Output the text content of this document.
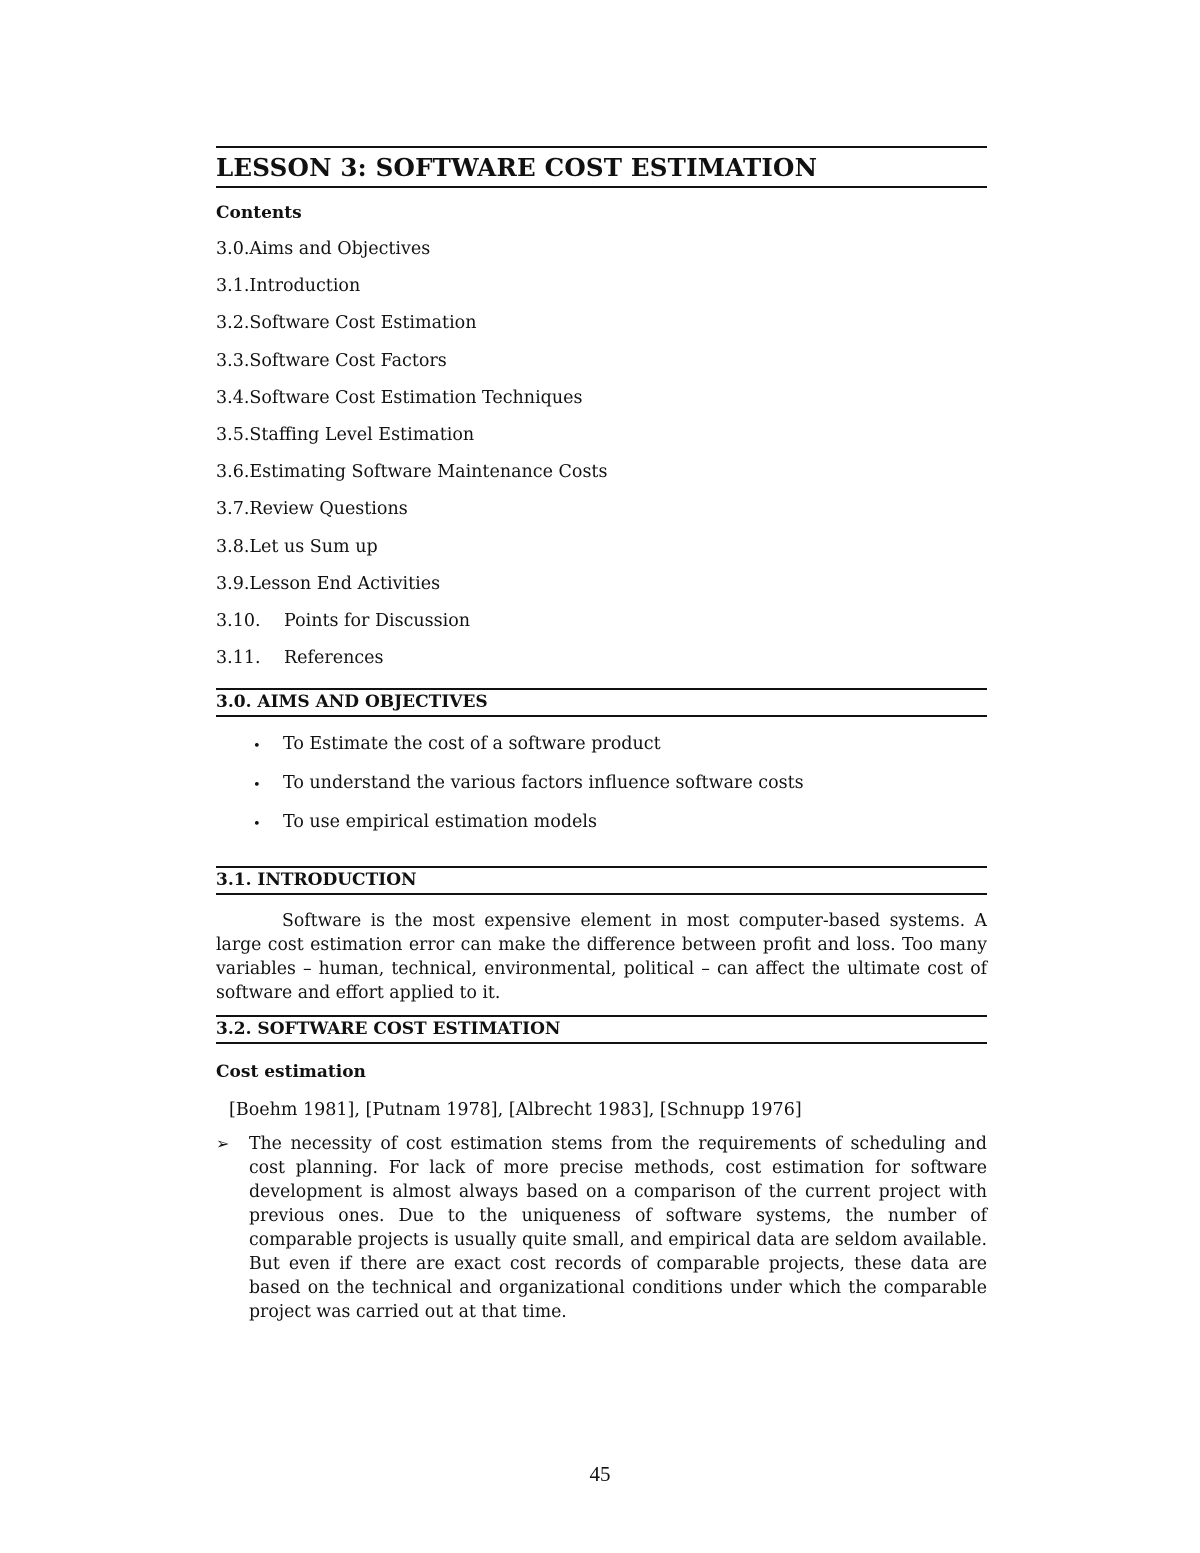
LESSON 3: SOFTWARE COST ESTIMATION
Contents
3.0.Aims and Objectives
3.1.Introduction
3.2.Software Cost Estimation
3.3.Software Cost Factors
3.4.Software Cost Estimation Techniques
3.5.Staffing Level Estimation
3.6.Estimating Software Maintenance Costs
3.7.Review Questions
3.8.Let us Sum up
3.9.Lesson End Activities
3.10. Points for Discussion
3.11. References
3.0. AIMS AND OBJECTIVES
• To Estimate the cost of a software product
• To understand the various factors influence software costs
• To use empirical estimation models
3.1. INTRODUCTION
Software is the most expensive element in most computer-based systems. A large cost estimation error can make the difference between profit and loss. Too many variables – human, technical, environmental, political – can affect the ultimate cost of software and effort applied to it.
3.2. SOFTWARE COST ESTIMATION
Cost estimation
[Boehm 1981], [Putnam 1978], [Albrecht 1983], [Schnupp 1976]
➢ The necessity of cost estimation stems from the requirements of scheduling and cost planning. For lack of more precise methods, cost estimation for software development is almost always based on a comparison of the current project with previous ones. Due to the uniqueness of software systems, the number of comparable projects is usually quite small, and empirical data are seldom available. But even if there are exact cost records of comparable projects, these data are based on the technical and organizational conditions under which the comparable project was carried out at that time.
45
